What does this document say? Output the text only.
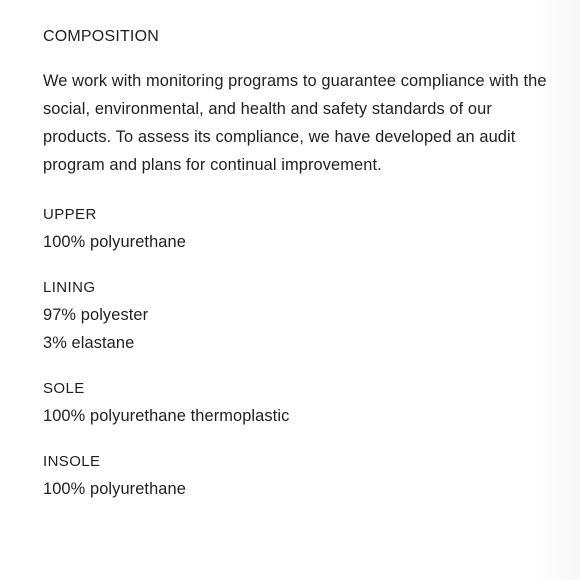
COMPOSITION

We work with monitoring programs to guarantee compliance with the social, environmental, and health and safety standards of our products. To assess its compliance, we have developed an audit program and plans for continual improvement.

UPPER
100% polyurethane
LINING
97% polyester
3% elastane
SOLE
100% polyurethane thermoplastic
INSOLE
100% polyurethane
